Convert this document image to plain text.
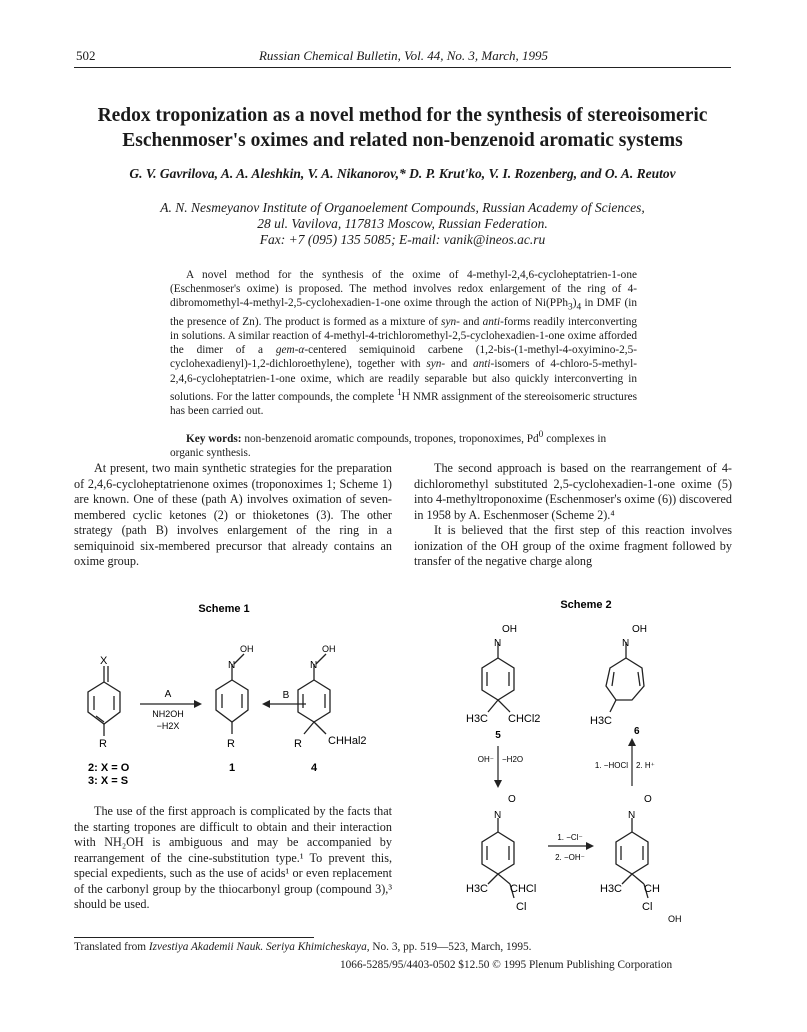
502	Russian Chemical Bulletin, Vol. 44, No. 3, March, 1995
Redox troponization as a novel method for the synthesis of stereoisomeric
Eschenmoser's oximes and related non-benzenoid aromatic systems
G. V. Gavrilova, A. A. Aleshkin, V. A. Nikanorov,* D. P. Krut'ko, V. I. Rozenberg, and O. A. Reutov
A. N. Nesmeyanov Institute of Organoelement Compounds, Russian Academy of Sciences,
28 ul. Vavilova, 117813 Moscow, Russian Federation.
Fax: +7 (095) 135 5085; E-mail: vanik@ineos.ac.ru
A novel method for the synthesis of the oxime of 4-methyl-2,4,6-cycloheptatrien-1-one (Eschenmoser's oxime) is proposed. The method involves redox enlargement of the ring of 4-dibromomethyl-4-methyl-2,5-cyclohexadien-1-one oxime through the action of $Ni(PPh_3)_4$ in DMF (in the presence of Zn). The product is formed as a mixture of syn- and anti-forms readily interconverting in solutions. A similar reaction of 4-methyl-4-trichloromethyl-2,5-cyclohexadien-1-one oxime afforded the dimer of a gem-α-centered semiquinoid carbene (1,2-bis-(1-methyl-4-oxyimino-2,5-cyclohexadienyl)-1,2-dichloroethylene), together with syn- and anti-isomers of 4-chloro-5-methyl-2,4,6-cycloheptatrien-1-one oxime, which are readily separable but also quickly interconverting in solutions. For the latter compounds, the complete $^1$H NMR assignment of the stereoisomeric structures has been carried out.
Key words: non-benzenoid aromatic compounds, tropones, troponoximes, Pd$^0$ complexes in organic synthesis.

At present, two main synthetic strategies for the preparation of 2,4,6-cycloheptatrienone oximes (troponoximes 1; Scheme 1) are known. One of these (path A) involves oximation of seven-membered cyclic ketones (2) or thioketones (3). The other strategy (path B) involves enlargement of the ring in a semiquinoid six-membered precursor that already contains an oxime group.

The second approach is based on the rearrangement of 4-dichloromethyl substituted 2,5-cyclohexadien-1-one oxime (5) into 4-methyltroponoxime (Eschenmoser's oxime (6)) discovered in 1958 by A. Eschenmoser (Scheme 2).⁴

It is believed that the first step of this reaction involves ionization of the OH group of the oxime fragment followed by transfer of the negative charge along

The use of the first approach is complicated by the facts that the starting tropones are difficult to obtain and their interaction with NH₂OH is ambiguous and may be accompanied by rearrangement of the cine-substitution type.¹ To prevent this, special expedients, such as the use of acids¹ or even replacement of the carbonyl group by the thiocarbonyl group (compound 3),³ should be used.

Scheme 1
X
R
A
NH2OH
−H2X
N
OH
R
B
N
OH
R CHHal2
2: X = O
3: X = S
1	4
Scheme 2
N
OH
H3C CHCl2
5
N
OH
H3C
6
OH⁻ −H2O
1. −HOCl 2. H⁺
N
O
H3C CHCl
Cl
1. −Cl⁻
2. −OH⁻
N
O
H3C CH
Cl
OH
Translated from Izvestiya Akademii Nauk. Seriya Khimicheskaya, No. 3, pp. 519—523, March, 1995.
1066-5285/95/4403-0502 $12.50 © 1995 Plenum Publishing Corporation
